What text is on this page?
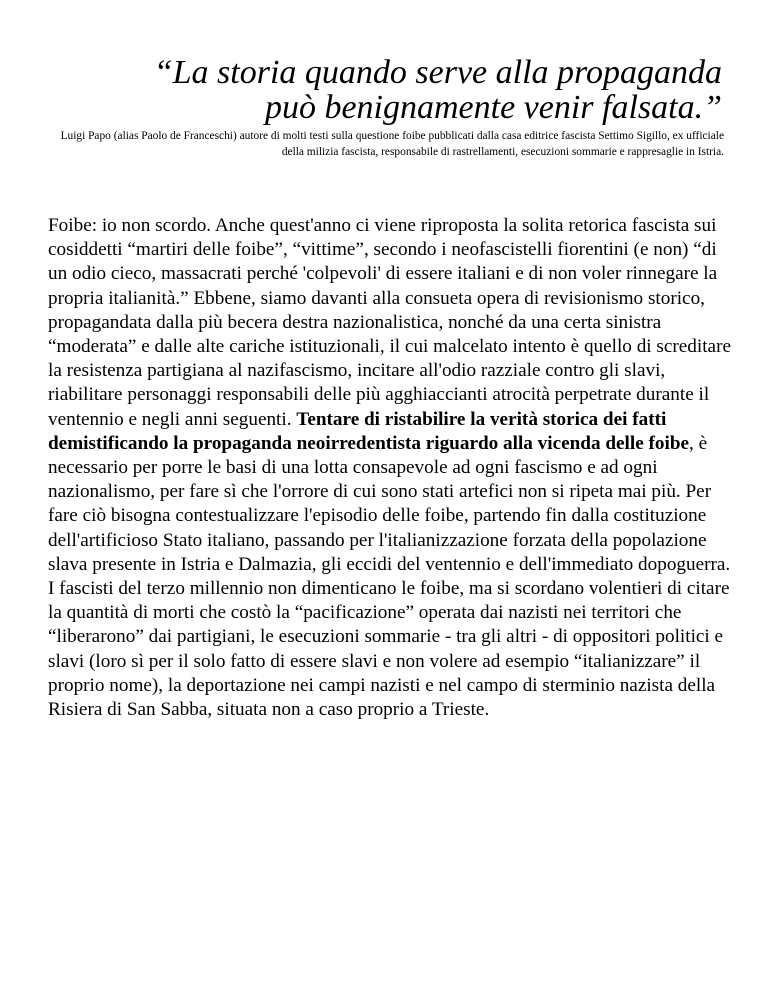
“La storia quando serve alla propaganda
può benignamente venir falsata.”

Luigi Papo (alias Paolo de Franceschi) autore di molti testi sulla questione foibe pubblicati dalla casa editrice fascista Settimo Sigillo, ex ufficiale della milizia fascista, responsabile di rastrellamenti, esecuzioni sommarie e rappresaglie in Istria.

Foibe: io non scordo. Anche quest'anno ci viene riproposta la solita retorica fascista sui cosiddetti “martiri delle foibe”, “vittime”, secondo i neofascistelli fiorentini (e non) “di un odio cieco, massacrati perché 'colpevoli' di essere italiani e di non voler rinnegare la propria italianità.” Ebbene, siamo davanti alla consueta opera di revisionismo storico, propagandata dalla più becera destra nazionalistica, nonché da una certa sinistra “moderata” e dalle alte cariche istituzionali, il cui malcelato intento è quello di screditare la resistenza partigiana al nazifascismo, incitare all'odio razziale contro gli slavi, riabilitare personaggi responsabili delle più agghiaccianti atrocità perpetrate durante il ventennio e negli anni seguenti. Tentare di ristabilire la verità storica dei fatti demistificando la propaganda neoirredentista riguardo alla vicenda delle foibe, è necessario per porre le basi di una lotta consapevole ad ogni fascismo e ad ogni nazionalismo, per fare sì che l'orrore di cui sono stati artefici non si ripeta mai più. Per fare ciò bisogna contestualizzare l'episodio delle foibe, partendo fin dalla costituzione dell'artificioso Stato italiano, passando per l'italianizzazione forzata della popolazione slava presente in Istria e Dalmazia, gli eccidi del ventennio e dell'immediato dopoguerra. I fascisti del terzo millennio non dimenticano le foibe, ma si scordano volentieri di citare la quantità di morti che costò la “pacificazione” operata dai nazisti nei territori che “liberarono” dai partigiani, le esecuzioni sommarie - tra gli altri - di oppositori politici e slavi (loro sì per il solo fatto di essere slavi e non volere ad esempio “italianizzare” il proprio nome), la deportazione nei campi nazisti e nel campo di sterminio nazista della Risiera di San Sabba, situata non a caso proprio a Trieste.
